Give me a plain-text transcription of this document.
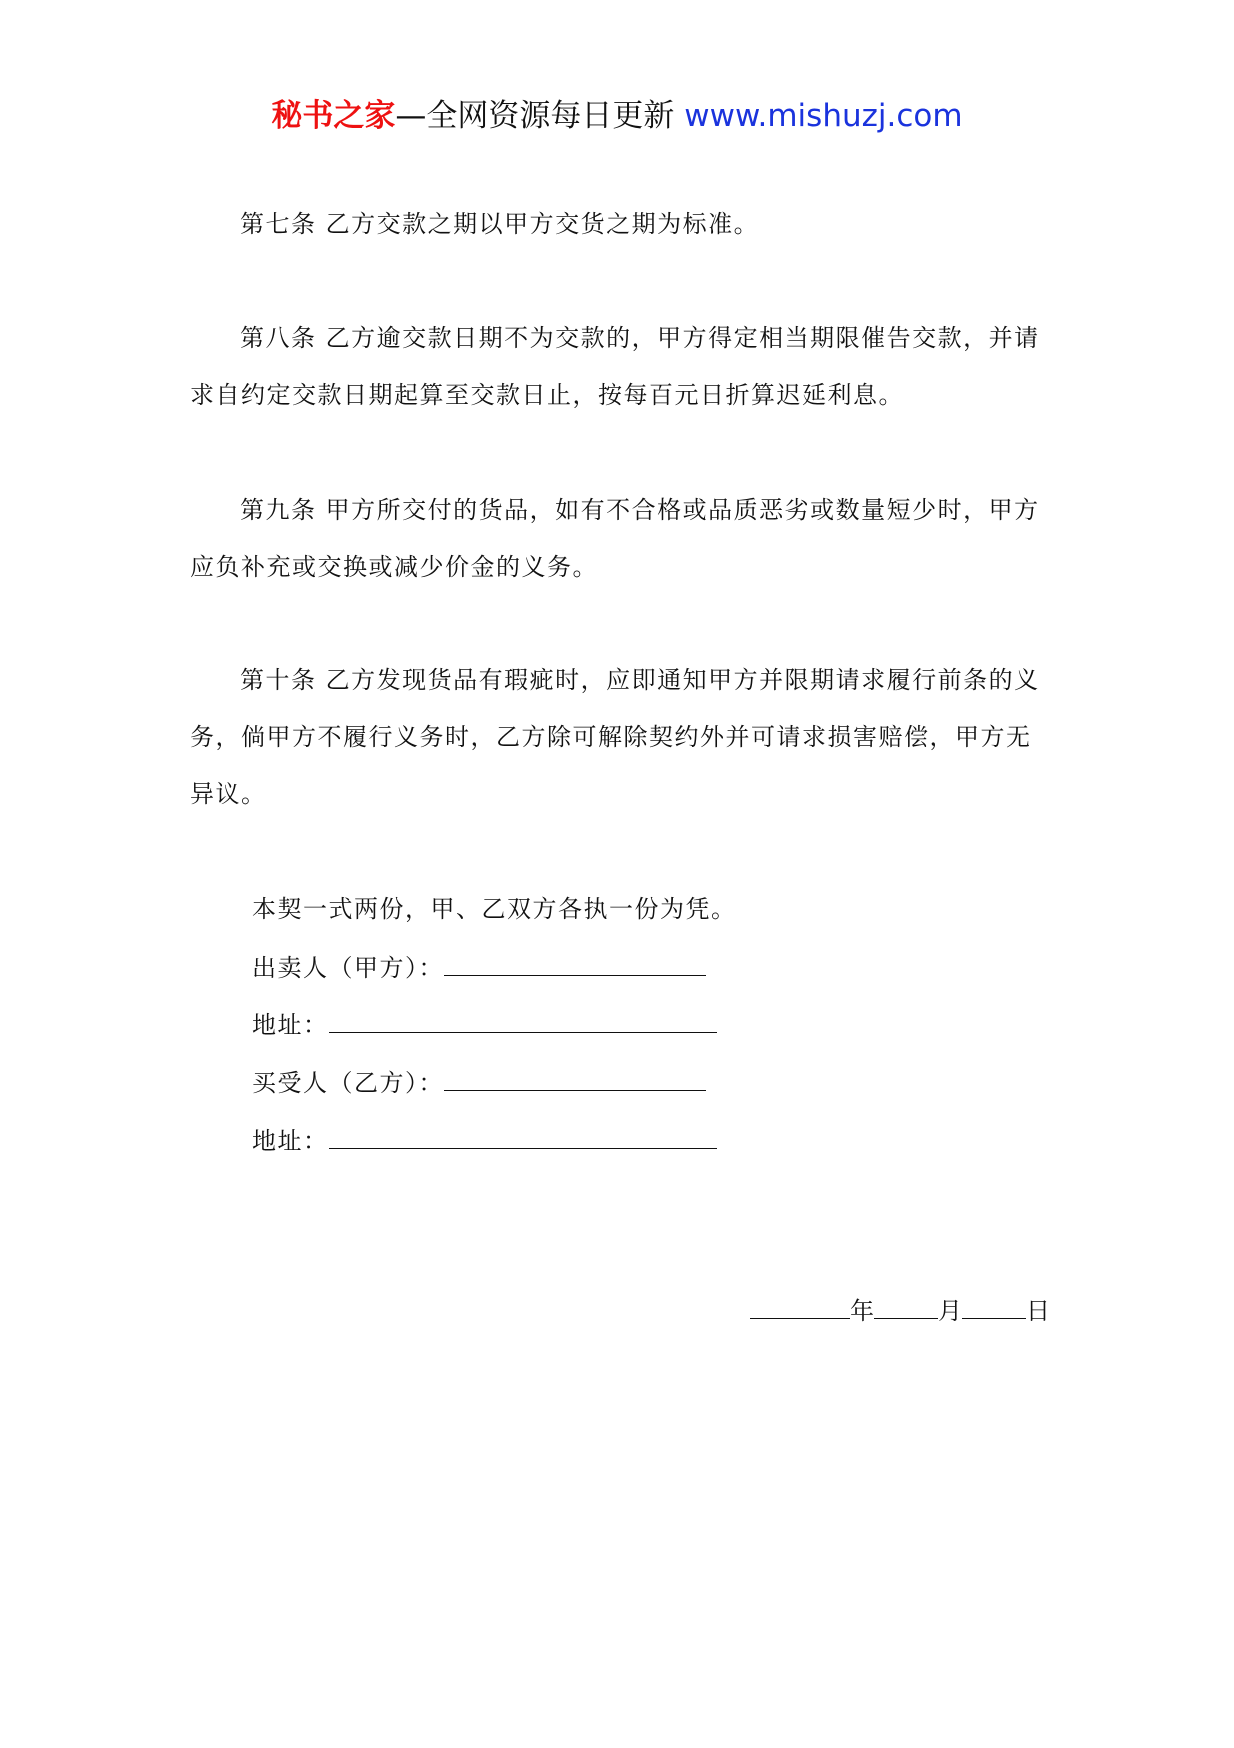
秘书之家—全网资源每日更新 www.mishuzj.com
第七条 乙方交款之期以甲方交货之期为标准。
第八条 乙方逾交款日期不为交款的，甲方得定相当期限催告交款，并请求自约定交款日期起算至交款日止，按每百元日折算迟延利息。
第九条 甲方所交付的货品，如有不合格或品质恶劣或数量短少时，甲方应负补充或交换或减少价金的义务。
第十条 乙方发现货品有瑕疵时，应即通知甲方并限期请求履行前条的义务，倘甲方不履行义务时，乙方除可解除契约外并可请求损害赔偿，甲方无异议。
本契一式两份，甲、乙双方各执一份为凭。
出卖人（甲方）：
地址：
买受人（乙方）：
地址：
年	月	日
